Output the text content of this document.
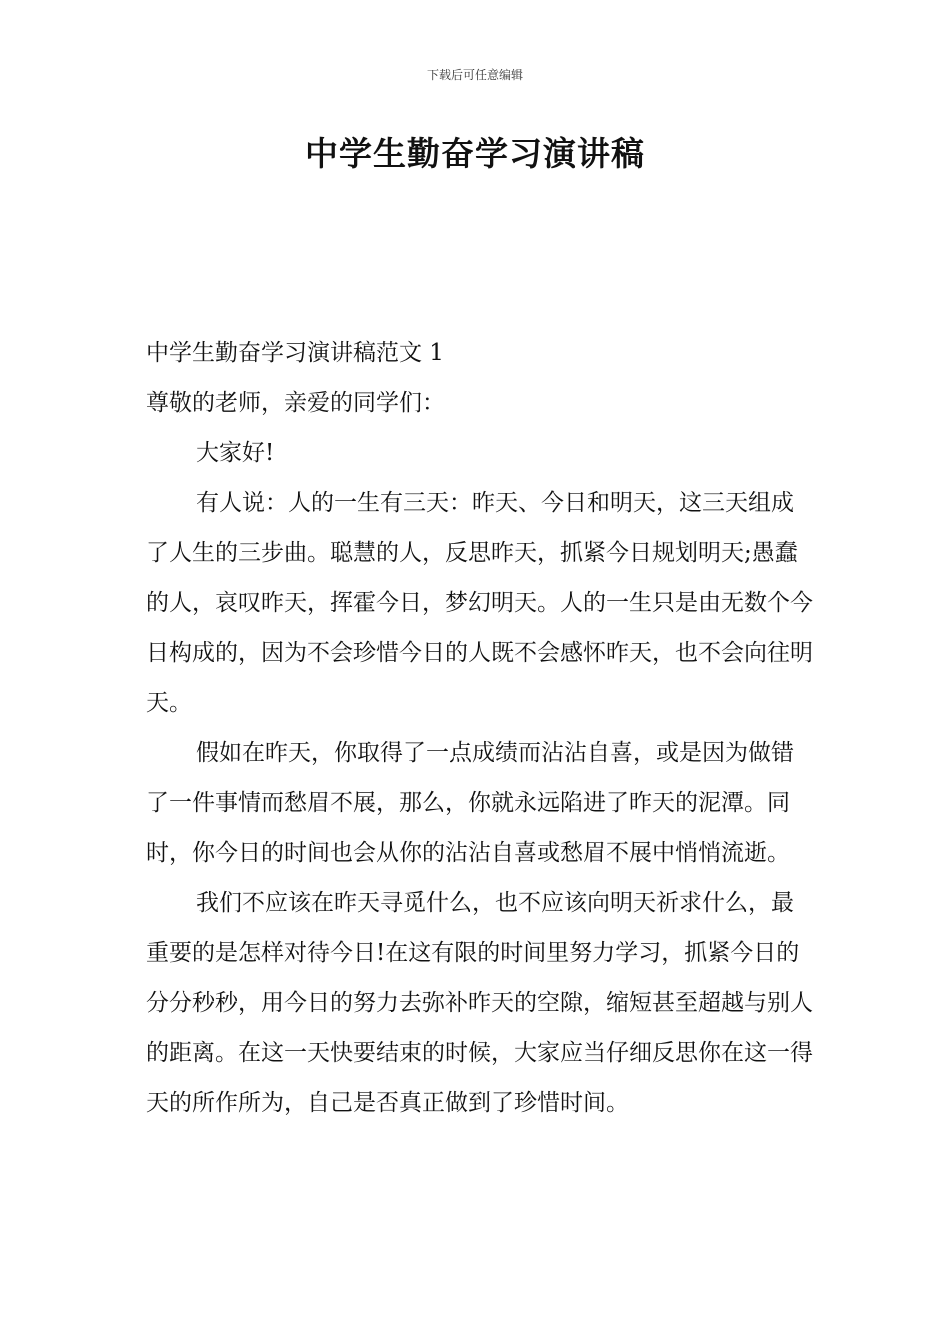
下载后可任意编辑
中学生勤奋学习演讲稿

中学生勤奋学习演讲稿范文 1

尊敬的老师，亲爱的同学们：

大家好!

有人说：人的一生有三天：昨天、今日和明天，这三天组成了人生的三步曲。聪慧的人，反思昨天，抓紧今日规划明天;愚蠢的人，哀叹昨天，挥霍今日，梦幻明天。人的一生只是由无数个今日构成的，因为不会珍惜今日的人既不会感怀昨天，也不会向往明天。

假如在昨天，你取得了一点成绩而沾沾自喜，或是因为做错了一件事情而愁眉不展，那么，你就永远陷进了昨天的泥潭。同时，你今日的时间也会从你的沾沾自喜或愁眉不展中悄悄流逝。

我们不应该在昨天寻觅什么，也不应该向明天祈求什么，最重要的是怎样对待今日!在这有限的时间里努力学习，抓紧今日的分分秒秒，用今日的努力去弥补昨天的空隙，缩短甚至超越与别人的距离。在这一天快要结束的时候，大家应当仔细反思你在这一得天的所作所为，自己是否真正做到了珍惜时间。
